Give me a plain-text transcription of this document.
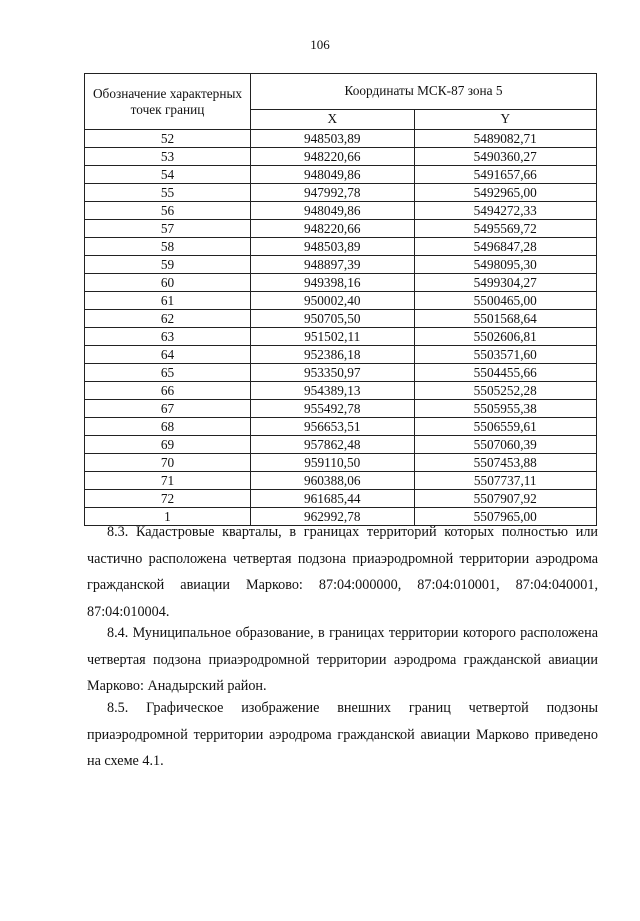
106
Обозначение характерных точек границ	Координаты МСК-87 зона 5	
	X	Y
52	948503,89	5489082,71
53	948220,66	5490360,27
54	948049,86	5491657,66
55	947992,78	5492965,00
56	948049,86	5494272,33
57	948220,66	5495569,72
58	948503,89	5496847,28
59	948897,39	5498095,30
60	949398,16	5499304,27
61	950002,40	5500465,00
62	950705,50	5501568,64
63	951502,11	5502606,81
64	952386,18	5503571,60
65	953350,97	5504455,66
66	954389,13	5505252,28
67	955492,78	5505955,38
68	956653,51	5506559,61
69	957862,48	5507060,39
70	959110,50	5507453,88
71	960388,06	5507737,11
72	961685,44	5507907,92
1	962992,78	5507965,00

8.3. Кадастровые кварталы, в границах территорий которых полностью или частично расположена четвертая подзона приаэродромной территории аэродрома гражданской авиации Марково: 87:04:000000, 87:04:010001, 87:04:040001, 87:04:010004.

8.4. Муниципальное образование, в границах территории которого расположена четвертая подзона приаэродромной территории аэродрома гражданской авиации Марково: Анадырский район.

8.5. Графическое изображение внешних границ четвертой подзоны приаэродромной территории аэродрома гражданской авиации Марково приведено на схеме 4.1.
